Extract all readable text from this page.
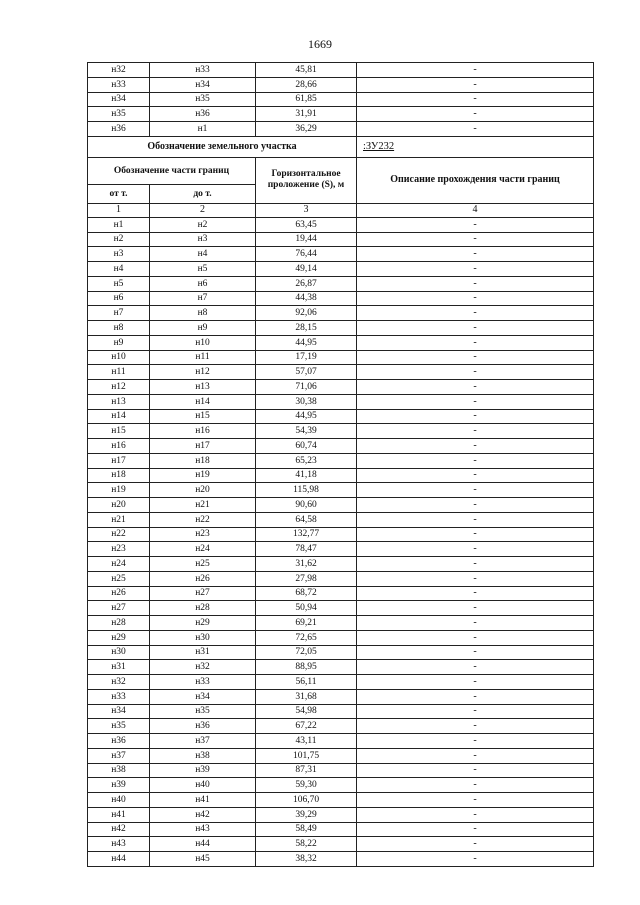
1669
н32	н33	45,81	-
н33	н34	28,66	-
н34	н35	61,85	-
н35	н36	31,91	-
н36	н1	36,29	-
Обозначение земельного участка			:ЗУ232
Обозначение части границ		Горизонтальное проложение (S), м	Описание прохождения части границ
от т.	до т.		
1	2	3	4
н1	н2	63,45	-
н2	н3	19,44	-
н3	н4	76,44	-
н4	н5	49,14	-
н5	н6	26,87	-
н6	н7	44,38	-
н7	н8	92,06	-
н8	н9	28,15	-
н9	н10	44,95	-
н10	н11	17,19	-
н11	н12	57,07	-
н12	н13	71,06	-
н13	н14	30,38	-
н14	н15	44,95	-
н15	н16	54,39	-
н16	н17	60,74	-
н17	н18	65,23	-
н18	н19	41,18	-
н19	н20	115,98	-
н20	н21	90,60	-
н21	н22	64,58	-
н22	н23	132,77	-
н23	н24	78,47	-
н24	н25	31,62	-
н25	н26	27,98	-
н26	н27	68,72	-
н27	н28	50,94	-
н28	н29	69,21	-
н29	н30	72,65	-
н30	н31	72,05	-
н31	н32	88,95	-
н32	н33	56,11	-
н33	н34	31,68	-
н34	н35	54,98	-
н35	н36	67,22	-
н36	н37	43,11	-
н37	н38	101,75	-
н38	н39	87,31	-
н39	н40	59,30	-
н40	н41	106,70	-
н41	н42	39,29	-
н42	н43	58,49	-
н43	н44	58,22	-
н44	н45	38,32	-
